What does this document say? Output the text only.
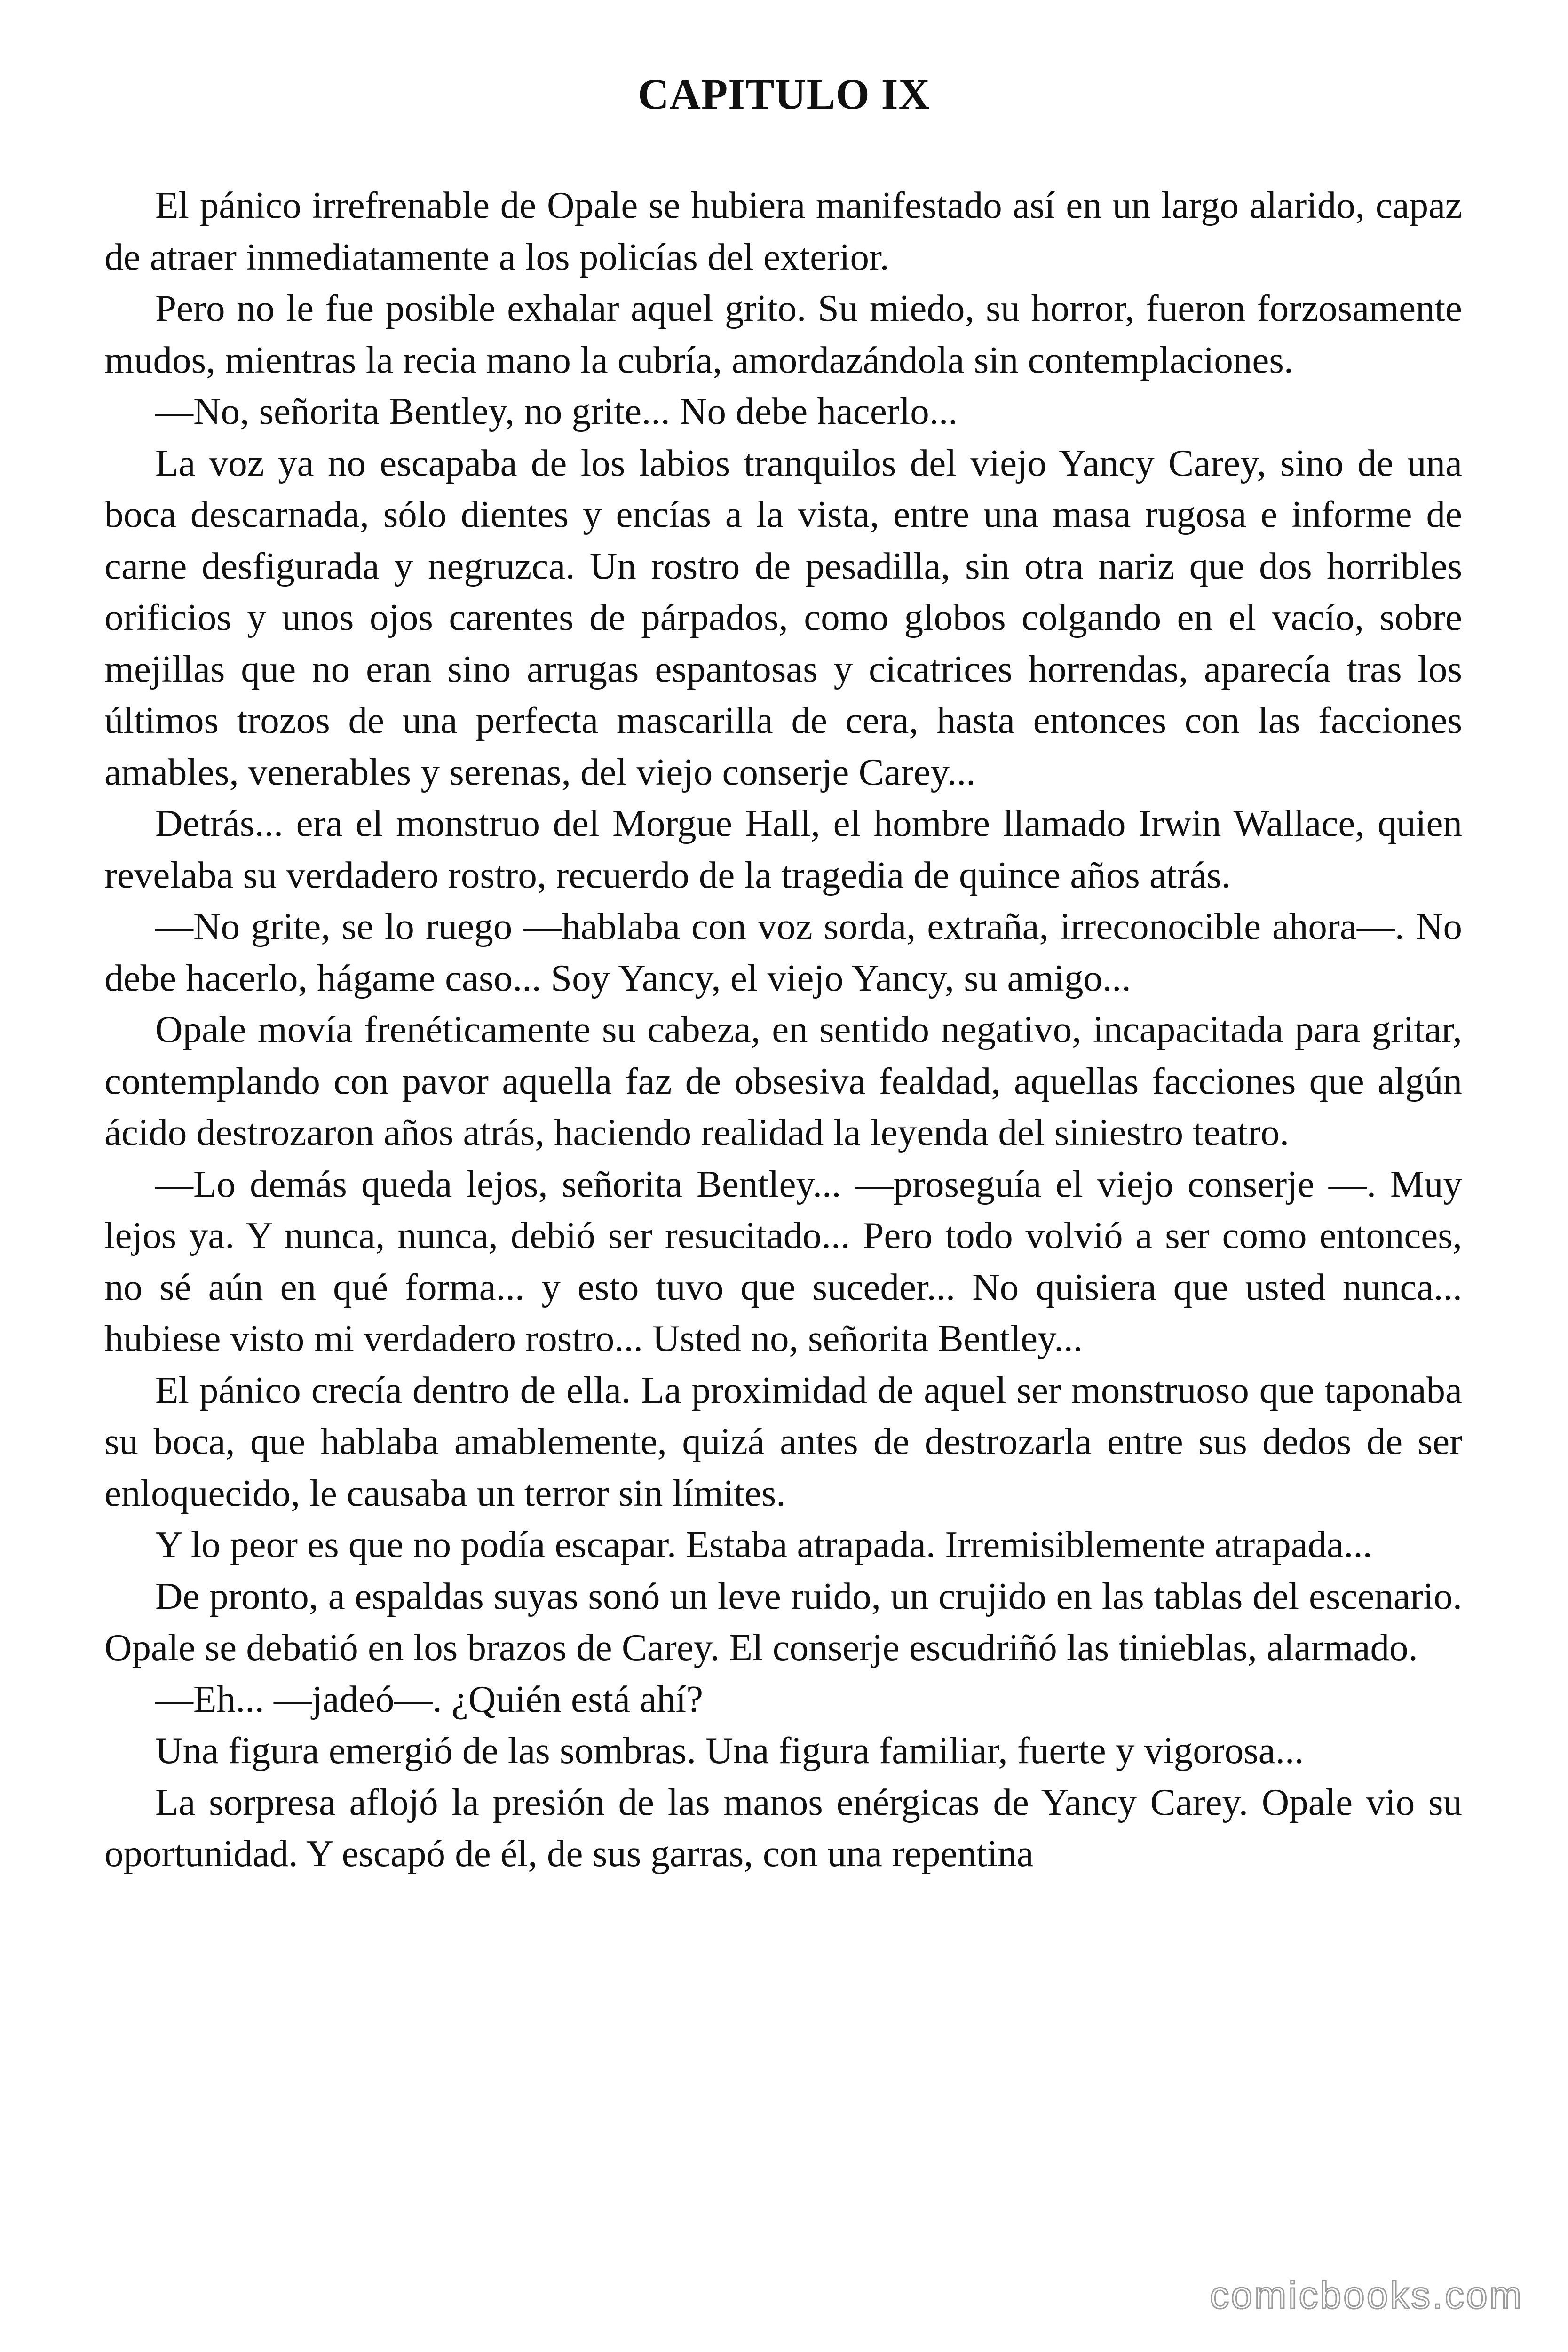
CAPITULO IX

El pánico irrefrenable de Opale se hubiera manifestado así en un largo alarido, capaz de atraer inmediatamente a los policías del exterior.

Pero no le fue posible exhalar aquel grito. Su miedo, su horror, fueron forzosamente mudos, mientras la recia mano la cubría, amordazándola sin contemplaciones.

—No, señorita Bentley, no grite... No debe hacerlo...

La voz ya no escapaba de los labios tranquilos del viejo Yancy Carey, sino de una boca descarnada, sólo dientes y encías a la vista, entre una masa rugosa e informe de carne desfigurada y negruzca. Un rostro de pesadilla, sin otra nariz que dos horribles orificios y unos ojos carentes de párpados, como globos colgando en el vacío, sobre mejillas que no eran sino arrugas espantosas y cicatrices horrendas, aparecía tras los últimos trozos de una perfecta mascarilla de cera, hasta entonces con las facciones amables, venerables y serenas, del viejo conserje Carey...

Detrás... era el monstruo del Morgue Hall, el hombre llamado Irwin Wallace, quien revelaba su verdadero rostro, recuerdo de la tragedia de quince años atrás.

—No grite, se lo ruego —hablaba con voz sorda, extraña, irreconocible ahora—. No debe hacerlo, hágame caso... Soy Yancy, el viejo Yancy, su amigo...

Opale movía frenéticamente su cabeza, en sentido negativo, incapacitada para gritar, contemplando con pavor aquella faz de obsesiva fealdad, aquellas facciones que algún ácido destrozaron años atrás, haciendo realidad la leyenda del siniestro teatro.

—Lo demás queda lejos, señorita Bentley... —proseguía el viejo conserje —. Muy lejos ya. Y nunca, nunca, debió ser resucitado... Pero todo volvió a ser como entonces, no sé aún en qué forma... y esto tuvo que suceder... No quisiera que usted nunca... hubiese visto mi verdadero rostro... Usted no, señorita Bentley...

El pánico crecía dentro de ella. La proximidad de aquel ser monstruoso que taponaba su boca, que hablaba amablemente, quizá antes de destrozarla entre sus dedos de ser enloquecido, le causaba un terror sin límites.

Y lo peor es que no podía escapar. Estaba atrapada. Irremisiblemente atrapada...

De pronto, a espaldas suyas sonó un leve ruido, un crujido en las tablas del escenario. Opale se debatió en los brazos de Carey. El conserje escudriñó las tinieblas, alarmado.

—Eh... —jadeó—. ¿Quién está ahí?

Una figura emergió de las sombras. Una figura familiar, fuerte y vigorosa...

La sorpresa aflojó la presión de las manos enérgicas de Yancy Carey. Opale vio su oportunidad. Y escapó de él, de sus garras, con una repentina

comicbooks.com
